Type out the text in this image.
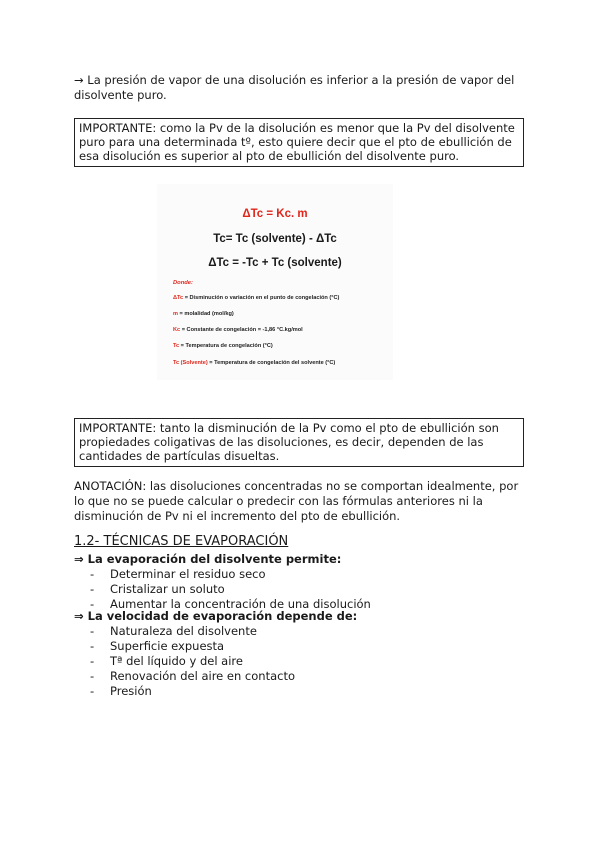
→ La presión de vapor de una disolución es inferior a la presión de vapor del disolvente puro.

IMPORTANTE: como la Pv de la disolución es menor que la Pv del disolvente puro para una determinada tº, esto quiere decir que el pto de ebullición de esa disolución es superior al pto de ebullición del disolvente puro.
ΔTc = Kc. m
Tc= Tc (solvente) - ΔTc
ΔTc = -Tc + Tc (solvente)
Donde:
ΔTc = Disminución o variación en el punto de congelación (°C)
m = molalidad (mol/kg)
Kc = Constante de congelación = -1,86 °C.kg/mol
Tc = Temperatura de congelación (°C)
Tc (Solvente) = Temperatura de congelación del solvente (°C)
IMPORTANTE: tanto la disminución de la Pv como el pto de ebullición son propiedades coligativas de las disoluciones, es decir, dependen de las cantidades de partículas disueltas.

ANOTACIÓN: las disoluciones concentradas no se comportan idealmente, por lo que no se puede calcular o predecir con las fórmulas anteriores ni la disminución de Pv ni el incremento del pto de ebullición.

1.2- TÉCNICAS DE EVAPORACIÓN

⇒ La evaporación del disolvente permite:

- Determinar el residuo seco
- Cristalizar un soluto
- Aumentar la concentración de una disolución

⇒ La velocidad de evaporación depende de:

- Naturaleza del disolvente
- Superficie expuesta
- Tª del líquido y del aire
- Renovación del aire en contacto
- Presión
